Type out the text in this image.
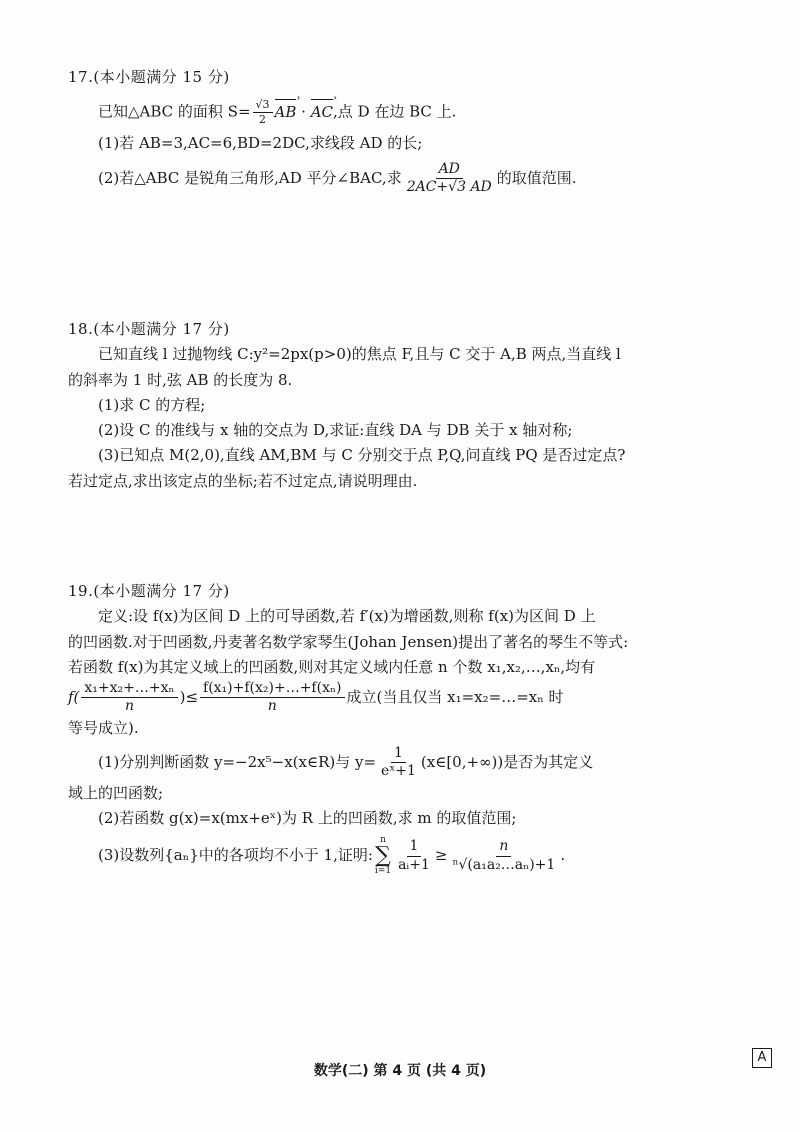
17.(本小题满分 15 分)
已知△ABC 的面积 $S= \frac{√3}{2}$
› AB · › AC,点 D 在边 BC 上.
(1)若 AB=3,AC=6,BD=2DC,求线段 AD 的长;
(2)若△ABC 是锐角三角形,AD 平分∠BAC,求 $\frac{AD}{2AC+√3 AD}$ 的取值范围.
18.(本小题满分 17 分)
已知直线 l 过抛物线 C:y²=2px(p>0)的焦点 F,且与 C 交于 A,B 两点,当直线 l
的斜率为 1 时,弦 AB 的长度为 8.
(1)求 C 的方程;
(2)设 C 的准线与 x 轴的交点为 D,求证:直线 DA 与 DB 关于 x 轴对称;
(3)已知点 M(2,0),直线 AM,BM 与 C 分别交于点 P,Q,问直线 PQ 是否过定点?
若过定点,求出该定点的坐标;若不过定点,请说明理由.
19.(本小题满分 17 分)
定义:设 f(x)为区间 D 上的可导函数,若 f′(x)为增函数,则称 f(x)为区间 D 上
的凹函数.对于凹函数,丹麦著名数学家琴生(Johan Jensen)提出了著名的琴生不等式:
若函数 f(x)为其定义域上的凹函数,则对其定义域内任意 n 个数 x₁,x₂,…,xₙ,均有
$f( \frac{\text{x₁+x₂+…+xₙ}}{n}$ )≤ $\frac{\text{f(x₁)+f(x₂)+…+f(xₙ)}}{n}$ 成立(当且仅当 x₁=x₂=…=xₙ 时
等号成立).
(1)分别判断函数 y=−2x⁵−x(x∈R)与 $y= \frac{1}{\text{eˣ+1}}$ (x∈[0,+∞))是否为其定义
域上的凹函数;
(2)若函数 g(x)=x(mx+eˣ)为 R 上的凹函数,求 m 的取值范围;
(3)设数列{aₙ}中的各项均不小于 1,证明:
n
∑
$i=1 \frac{1}{\text{aᵢ+1}} \ge \frac{n}{\text{ⁿ√(a₁a₂…aₙ)+1}}$ .
数学(二) 第 4 页 (共 4 页)
A
